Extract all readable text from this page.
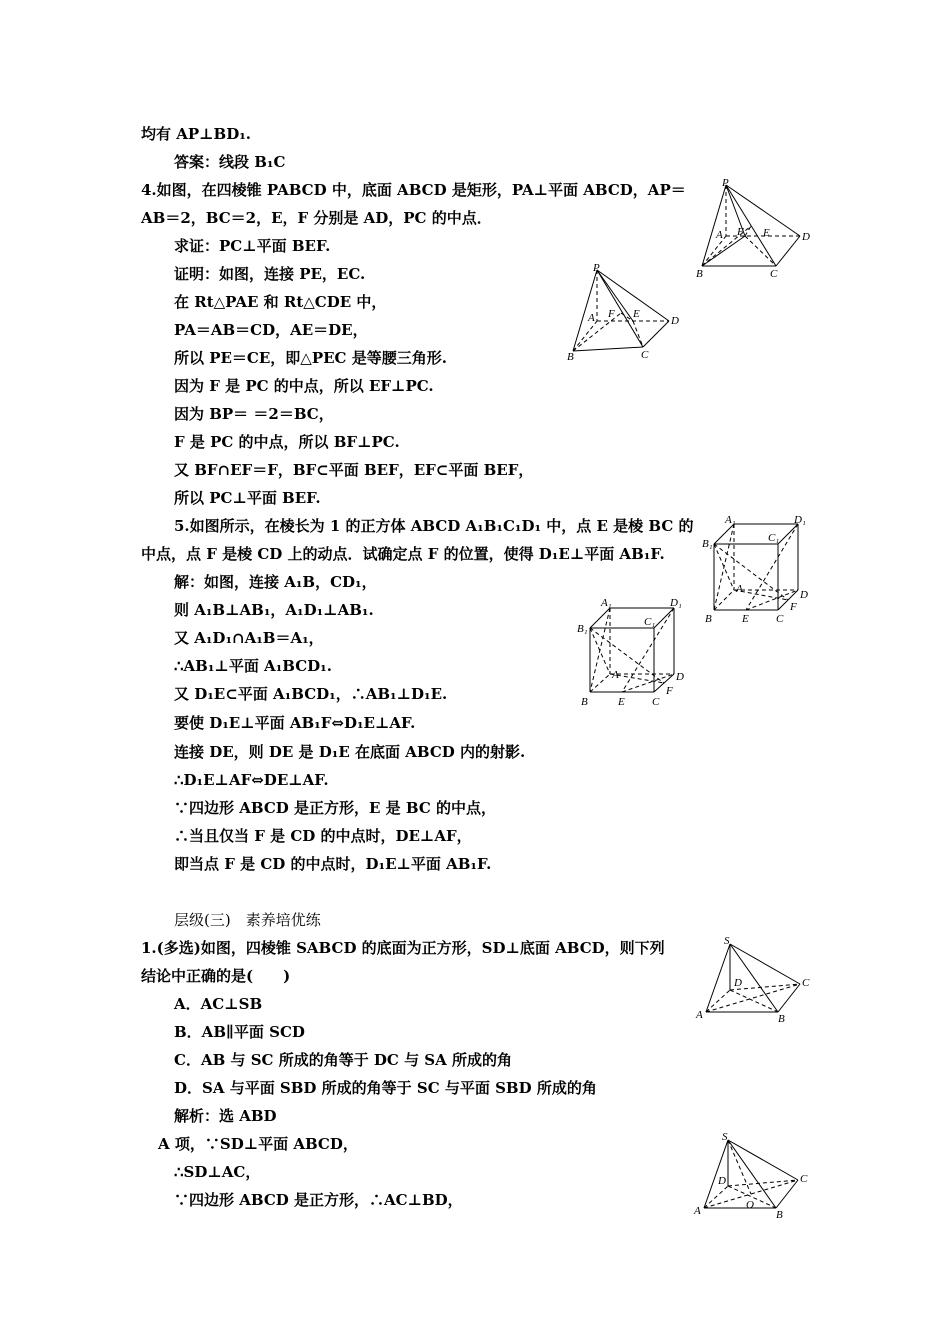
均有 AP⊥BD₁.
答案：线段 B₁C
4.如图，在四棱锥 PABCD 中，底面 ABCD 是矩形，PA⊥平面 ABCD，AP＝
AB＝2，BC＝2，E，F 分别是 AD，PC 的中点．
求证：PC⊥平面 BEF.
证明：如图，连接 PE，EC.
在 Rt△PAE 和 Rt△CDE 中，
PA＝AB＝CD，AE＝DE，
所以 PE＝CE，即△PEC 是等腰三角形.
因为 F 是 PC 的中点，所以 EF⊥PC.
因为 BP＝ ＝2＝BC，
F 是 PC 的中点，所以 BF⊥PC.
又 BF∩EF＝F，BF⊂平面 BEF，EF⊂平面 BEF，
所以 PC⊥平面 BEF.
5.如图所示，在棱长为 1 的正方体 ABCD A₁B₁C₁D₁ 中，点 E 是棱 BC 的
中点，点 F 是棱 CD 上的动点．试确定点 F 的位置，使得 D₁E⊥平面 AB₁F.
解：如图，连接 A₁B，CD₁，
则 A₁B⊥AB₁，A₁D₁⊥AB₁.
又 A₁D₁∩A₁B＝A₁，
∴AB₁⊥平面 A₁BCD₁.
又 D₁E⊂平面 A₁BCD₁，∴AB₁⊥D₁E.
要使 D₁E⊥平面 AB₁F⇔D₁E⊥AF.
连接 DE，则 DE 是 D₁E 在底面 ABCD 内的射影.
∴D₁E⊥AF⇔DE⊥AF.
∵四边形 ABCD 是正方形，E 是 BC 的中点，
∴当且仅当 F 是 CD 的中点时，DE⊥AF，
即当点 F 是 CD 的中点时，D₁E⊥平面 AB₁F.
层级(三)　素养培优练
1.(多选)如图，四棱锥 SABCD 的底面为正方形，SD⊥底面 ABCD，则下列
结论中正确的是(　　)
A．AC⊥SB
B．AB∥平面 SCD
C．AB 与 SC 所成的角等于 DC 与 SA 所成的角
D．SA 与平面 SBD 所成的角等于 SC 与平面 SBD 所成的角
解析：选 ABD
A 项，∵SD⊥平面 ABCD，
∴SD⊥AC，
∵四边形 ABCD 是正方形，∴AC⊥BD，
P
A	E
F	D
B	C
P
A	E
F
D
B	C
A₁	D₁
B₁	C₁
A	D
F
B	E C
A₁	D₁
B₁
C₁
A	D
F
B	E C
S
D	C
A	B
S
D	C
A	O
B
